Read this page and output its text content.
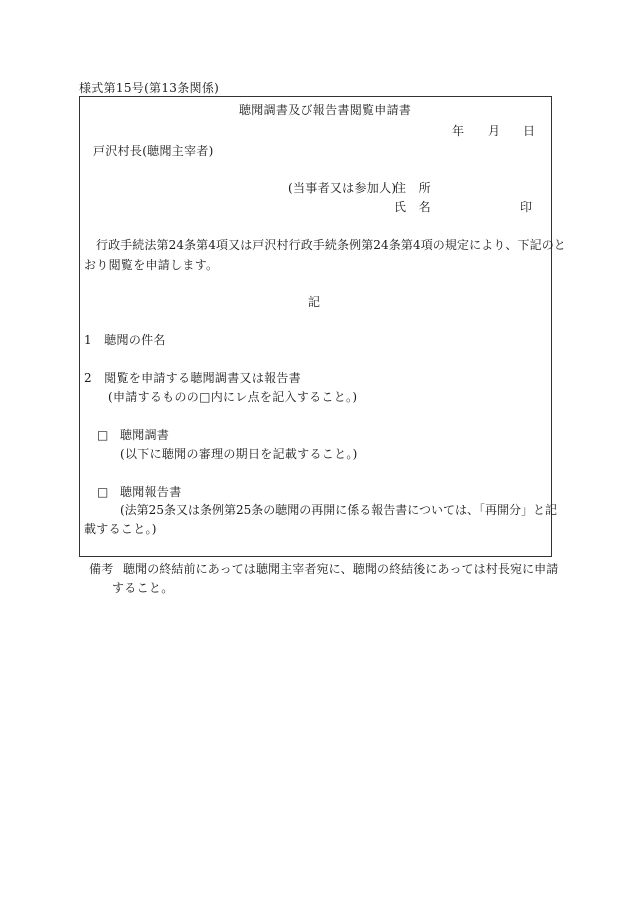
様式第15号(第13条関係)
聴聞調書及び報告書閲覧申請書
年 月 日
戸沢村長(聴聞主宰者)
(当事者又は参加人)
住　所
氏　名	印
行政手続法第24条第4項又は戸沢村行政手続条例第24条第4項の規定により、下記のと
おり閲覧を申請します。
記
1　聴聞の件名
2　閲覧を申請する聴聞調書又は報告書
(申請するものの□内にレ点を記入すること。)
□ 聴聞調書
(以下に聴聞の審理の期日を記載すること。)
□ 聴聞報告書
(法第25条又は条例第25条の聴聞の再開に係る報告書については、「再開分」と記
載すること。)
備考 聴聞の終結前にあっては聴聞主宰者宛に、聴聞の終結後にあっては村長宛に申請
すること。
